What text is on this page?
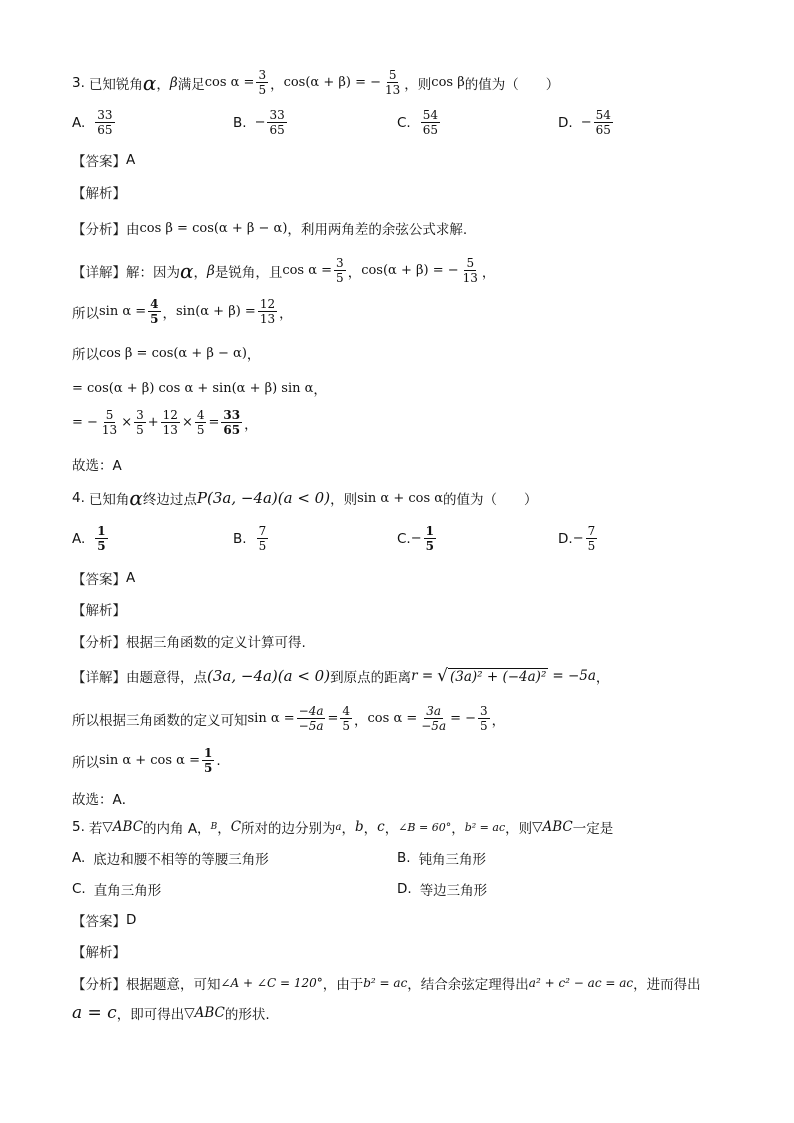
3. 已知锐角 α ， β 满足 $\cos \alpha = \frac{3}{5}$ ， cos(α + β) = − $\frac{5}{13}$ ，则 cos β 的值为（　　）
A. $\frac{33}{65}$	B. − $\frac{33}{65}$	C. $\frac{54}{65}$	D. − $\frac{54}{65}$
【答案】 A
【解析】
【分析】 由 cos β = cos(α + β − α) ，利用两角差的余弦公式求解.
【详解】 解：因为 α ， β 是锐角，且 $\cos \alpha = \frac{3}{5}$ ， cos(α + β) = − $\frac{5}{13}$ ，
所以 $\sin \alpha = \frac{4}{5}$ ， $\sin(\alpha + \beta) = \frac{12}{13}$ ，
所以 cos β = cos(α + β − α) ，
= cos(α + β) cos α + sin(α + β) sin α ，
= − $\frac{5}{13} \times \frac{3}{5} + \frac{12}{13} \times \frac{4}{5} = \frac{33}{65}$ ，
故选：A
4. 已知角 α 终边过点 P(3a, −4a)(a < 0) ，则 sin α + cos α 的值为（　　）
A. $\frac{1}{5}$	B. $\frac{7}{5}$	C. − $\frac{1}{5}$	D. − $\frac{7}{5}$
【答案】 A
【解析】
【分析】 根据三角函数的定义计算可得.
【详解】 由题意得，点 (3a, −4a)(a < 0) 到原点的距离 r = √ (3a)² + (−4a)² = −5a ，
所以根据三角函数的定义可知 $\sin \alpha = \frac{-4a}{-5a} = \frac{4}{5}$ ， $\cos \alpha = \frac{3a}{-5a}$ = − $\frac{3}{5}$ ，
所以 $\sin \alpha + \cos \alpha = \frac{1}{5}$ .
故选：A．
5. 若 ▽ABC 的内角 A， B ， C 所对的边分别为 a ， b ， c ， ∠B = 60° ， b² = ac ，则 ▽ABC 一定是
A. 底边和腰不相等的等腰三角形	B. 钝角三角形
C. 直角三角形	D. 等边三角形
【答案】 D
【解析】
【分析】 根据题意，可知 ∠A + ∠C = 120° ，由于 b² = ac ，结合余弦定理得出 a² + c² − ac = ac ，进而得出
a = c ，即可得出 ▽ABC 的形状.
